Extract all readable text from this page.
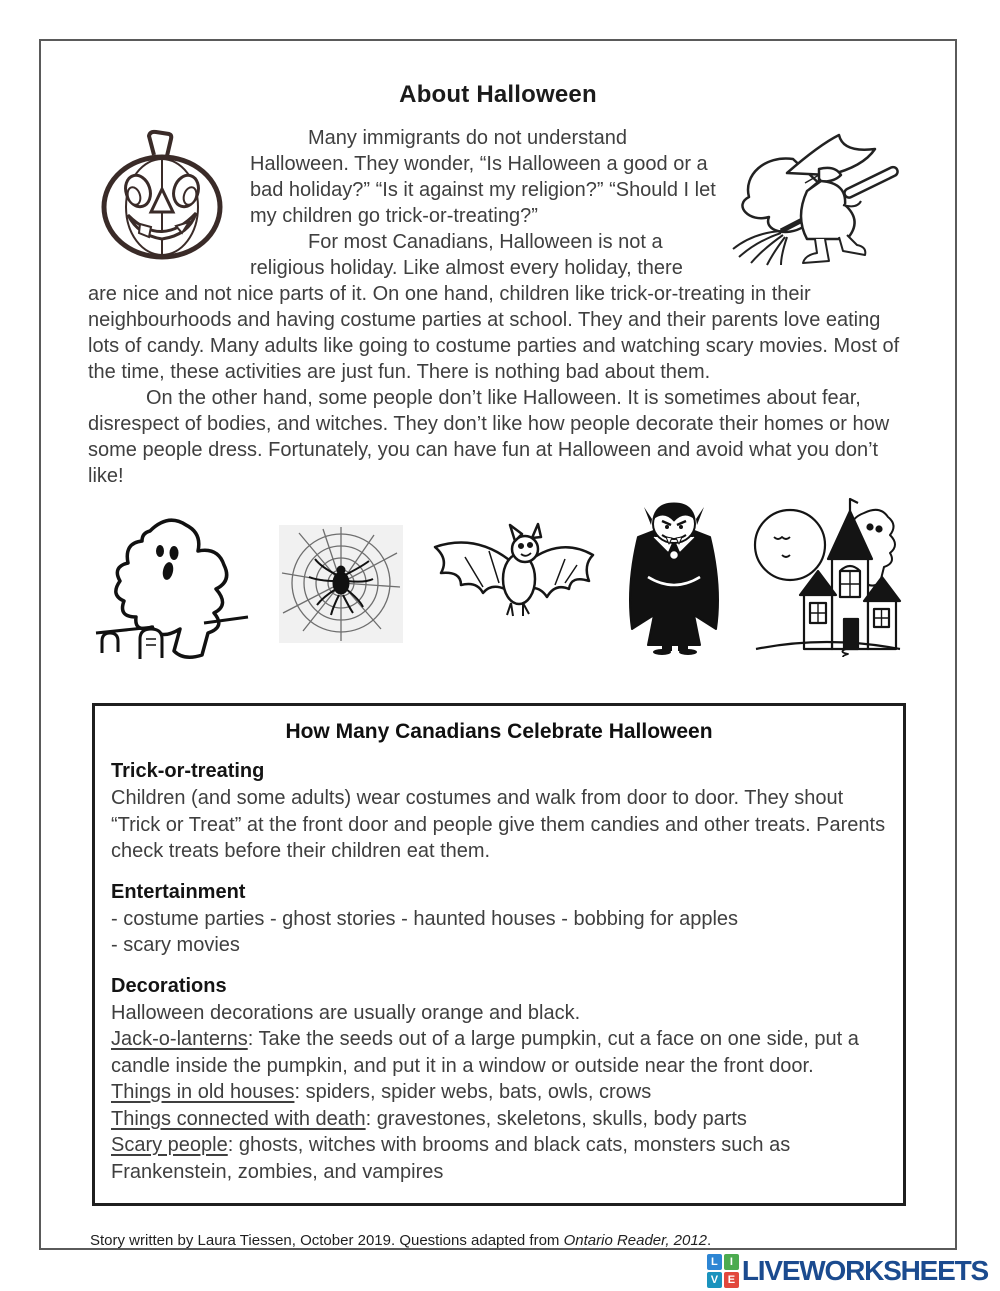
About Halloween

Many immigrants do not understand Halloween. They wonder, “Is Halloween a good or a bad holiday?” “Is it against my religion?” “Should I let my children go trick-or-treating?”

For most Canadians, Halloween is not a religious holiday. Like almost every holiday, there are nice and not nice parts of it. On one hand, children like trick-or-treating in their neighbourhoods and having costume parties at school. They and their parents love eating lots of candy. Many adults like going to costume parties and watching scary movies. Most of the time, these activities are just fun. There is nothing bad about them.

On the other hand, some people don’t like Halloween. It is sometimes about fear, disrespect of bodies, and witches. They don’t like how people decorate their homes or how some people dress. Fortunately, you can have fun at Halloween and avoid what you don’t like!

How Many Canadians Celebrate Halloween
Trick-or-treating

Children (and some adults) wear costumes and walk from door to door. They shout “Trick or Treat” at the front door and people give them candies and other treats. Parents check treats before their children eat them.

Entertainment
- costume parties - ghost stories - haunted houses - bobbing for apples
- scary movies
Decorations

Halloween decorations are usually orange and black.

Jack-o-lanterns: Take the seeds out of a large pumpkin, cut a face on one side, put a candle inside the pumpkin, and put it in a window or outside near the front door.

Things in old houses: spiders, spider webs, bats, owls, crows

Things connected with death: gravestones, skeletons, skulls, body parts

Scary people: ghosts, witches with brooms and black cats, monsters such as Frankenstein, zombies, and vampires

Story written by Laura Tiessen, October 2019. Questions adapted from Ontario Reader, 2012.

L	I
V E LIVEWORKSHEETS
